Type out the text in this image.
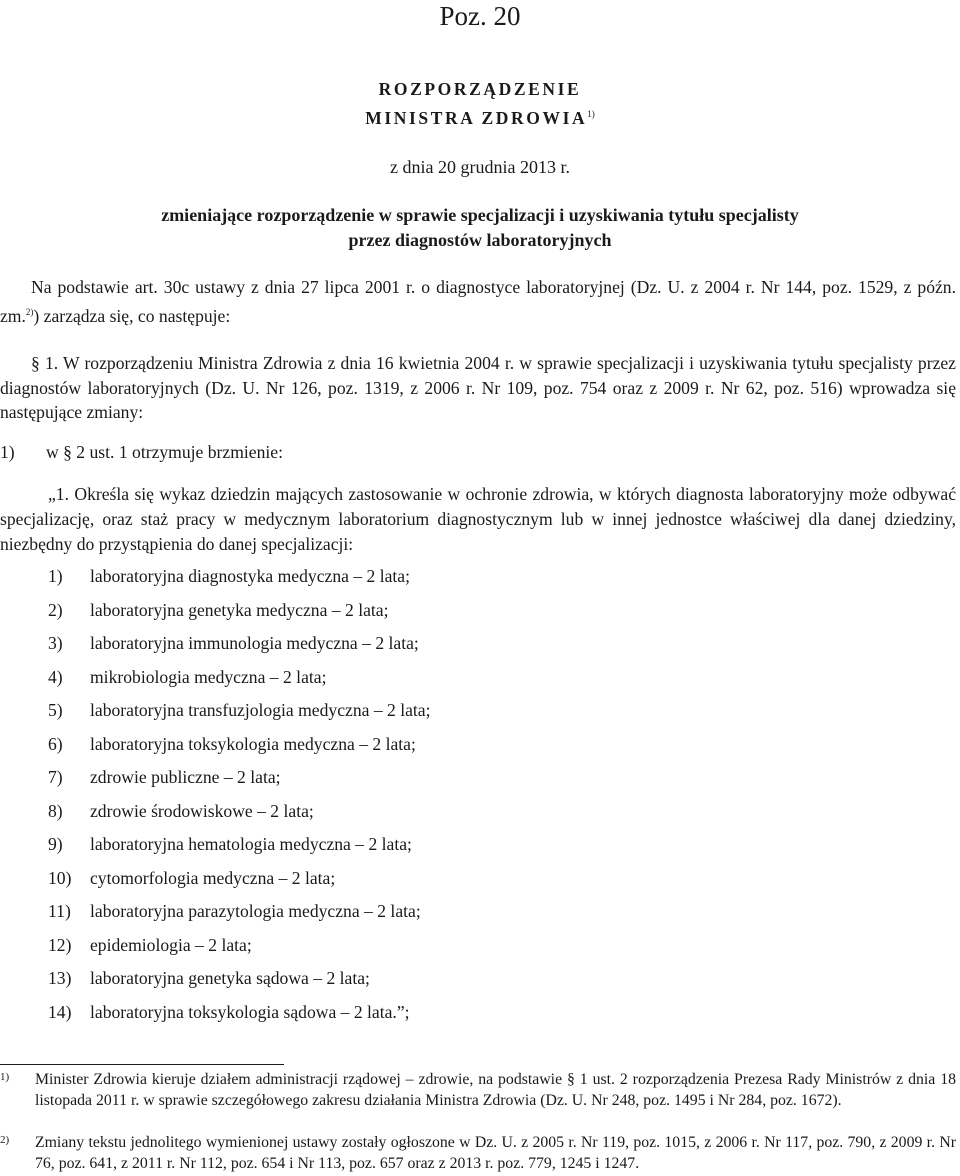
Poz. 20
ROZPORZĄDZENIE
MINISTRA ZDROWIA$^{1)}$
z dnia 20 grudnia 2013 r.
zmieniające rozporządzenie w sprawie specjalizacji i uzyskiwania tytułu specjalisty
przez diagnostów laboratoryjnych
Na podstawie art. 30c ustawy z dnia 27 lipca 2001 r. o diagnostyce laboratoryjnej (Dz. U. z 2004 r. Nr 144, poz. 1529, z późn. zm.$^{2)}$) zarządza się, co następuje:
§ 1. W rozporządzeniu Ministra Zdrowia z dnia 16 kwietnia 2004 r. w sprawie specjalizacji i uzyskiwania tytułu specjalisty przez diagnostów laboratoryjnych (Dz. U. Nr 126, poz. 1319, z 2006 r. Nr 109, poz. 754 oraz z 2009 r. Nr 62, poz. 516) wprowadza się następujące zmiany:
1) w § 2 ust. 1 otrzymuje brzmienie:
„1. Określa się wykaz dziedzin mających zastosowanie w ochronie zdrowia, w których diagnosta laboratoryjny może odbywać specjalizację, oraz staż pracy w medycznym laboratorium diagnostycznym lub w innej jednostce właściwej dla danej dziedziny, niezbędny do przystąpienia do danej specjalizacji:
1) laboratoryjna diagnostyka medyczna – 2 lata;
2) laboratoryjna genetyka medyczna – 2 lata;
3) laboratoryjna immunologia medyczna – 2 lata;
4) mikrobiologia medyczna – 2 lata;
5) laboratoryjna transfuzjologia medyczna – 2 lata;
6) laboratoryjna toksykologia medyczna – 2 lata;
7) zdrowie publiczne – 2 lata;
8) zdrowie środowiskowe – 2 lata;
9) laboratoryjna hematologia medyczna – 2 lata;
10) cytomorfologia medyczna – 2 lata;
11) laboratoryjna parazytologia medyczna – 2 lata;
12) epidemiologia – 2 lata;
13) laboratoryjna genetyka sądowa – 2 lata;
14) laboratoryjna toksykologia sądowa – 2 lata.”;
1) Minister Zdrowia kieruje działem administracji rządowej – zdrowie, na podstawie § 1 ust. 2 rozporządzenia Prezesa Rady Ministrów z dnia 18 listopada 2011 r. w sprawie szczegółowego zakresu działania Ministra Zdrowia (Dz. U. Nr 248, poz. 1495 i Nr 284, poz. 1672).
2) Zmiany tekstu jednolitego wymienionej ustawy zostały ogłoszone w Dz. U. z 2005 r. Nr 119, poz. 1015, z 2006 r. Nr 117, poz. 790, z 2009 r. Nr 76, poz. 641, z 2011 r. Nr 112, poz. 654 i Nr 113, poz. 657 oraz z 2013 r. poz. 779, 1245 i 1247.
